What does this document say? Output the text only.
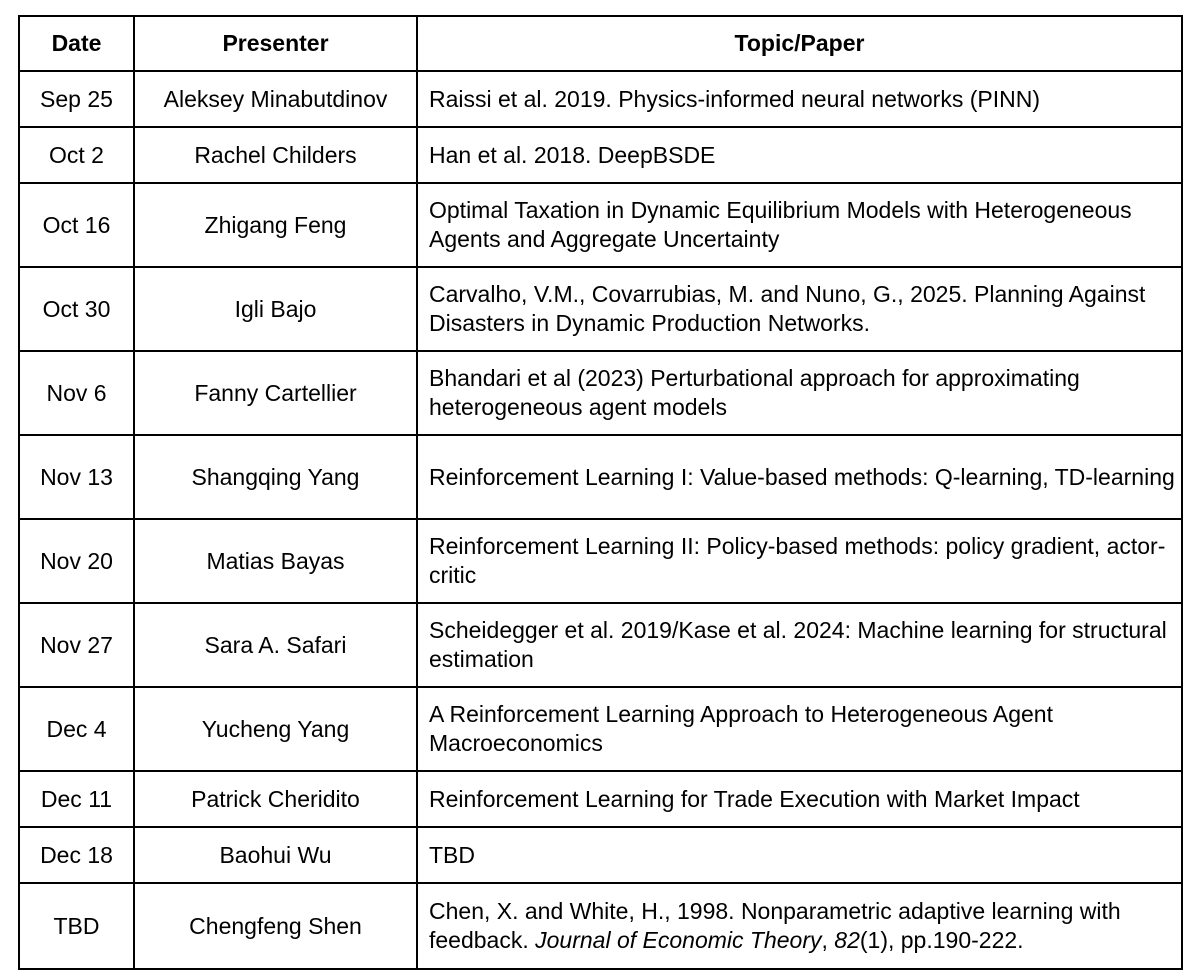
Date	Presenter	Topic/Paper
Sep 25	Aleksey Minabutdinov	Raissi et al. 2019. Physics-informed neural networks (PINN)
Oct 2	Rachel Childers	Han et al. 2018. DeepBSDE
Oct 16	Zhigang Feng	Optimal Taxation in Dynamic Equilibrium Models with Heterogeneous Agents and Aggregate Uncertainty
Oct 30	Igli Bajo	Carvalho, V.M., Covarrubias, M. and Nuno, G., 2025. Planning Against Disasters in Dynamic Production Networks.
Nov 6	Fanny Cartellier	Bhandari et al (2023) Perturbational approach for approximating heterogeneous agent models
Nov 13	Shangqing Yang	Reinforcement Learning I: Value-based methods: Q-learning, TD-learning
Nov 20	Matias Bayas	Reinforcement Learning II: Policy-based methods: policy gradient, actor-critic
Nov 27	Sara A. Safari	Scheidegger et al. 2019/Kase et al. 2024: Machine learning for structural estimation
Dec 4	Yucheng Yang	A Reinforcement Learning Approach to Heterogeneous Agent Macroeconomics
Dec 11	Patrick Cheridito	Reinforcement Learning for Trade Execution with Market Impact
Dec 18	Baohui Wu	TBD
TBD	Chengfeng Shen	Chen, X. and White, H., 1998. Nonparametric adaptive learning with feedback. Journal of Economic Theory, 82(1), pp.190-222.
